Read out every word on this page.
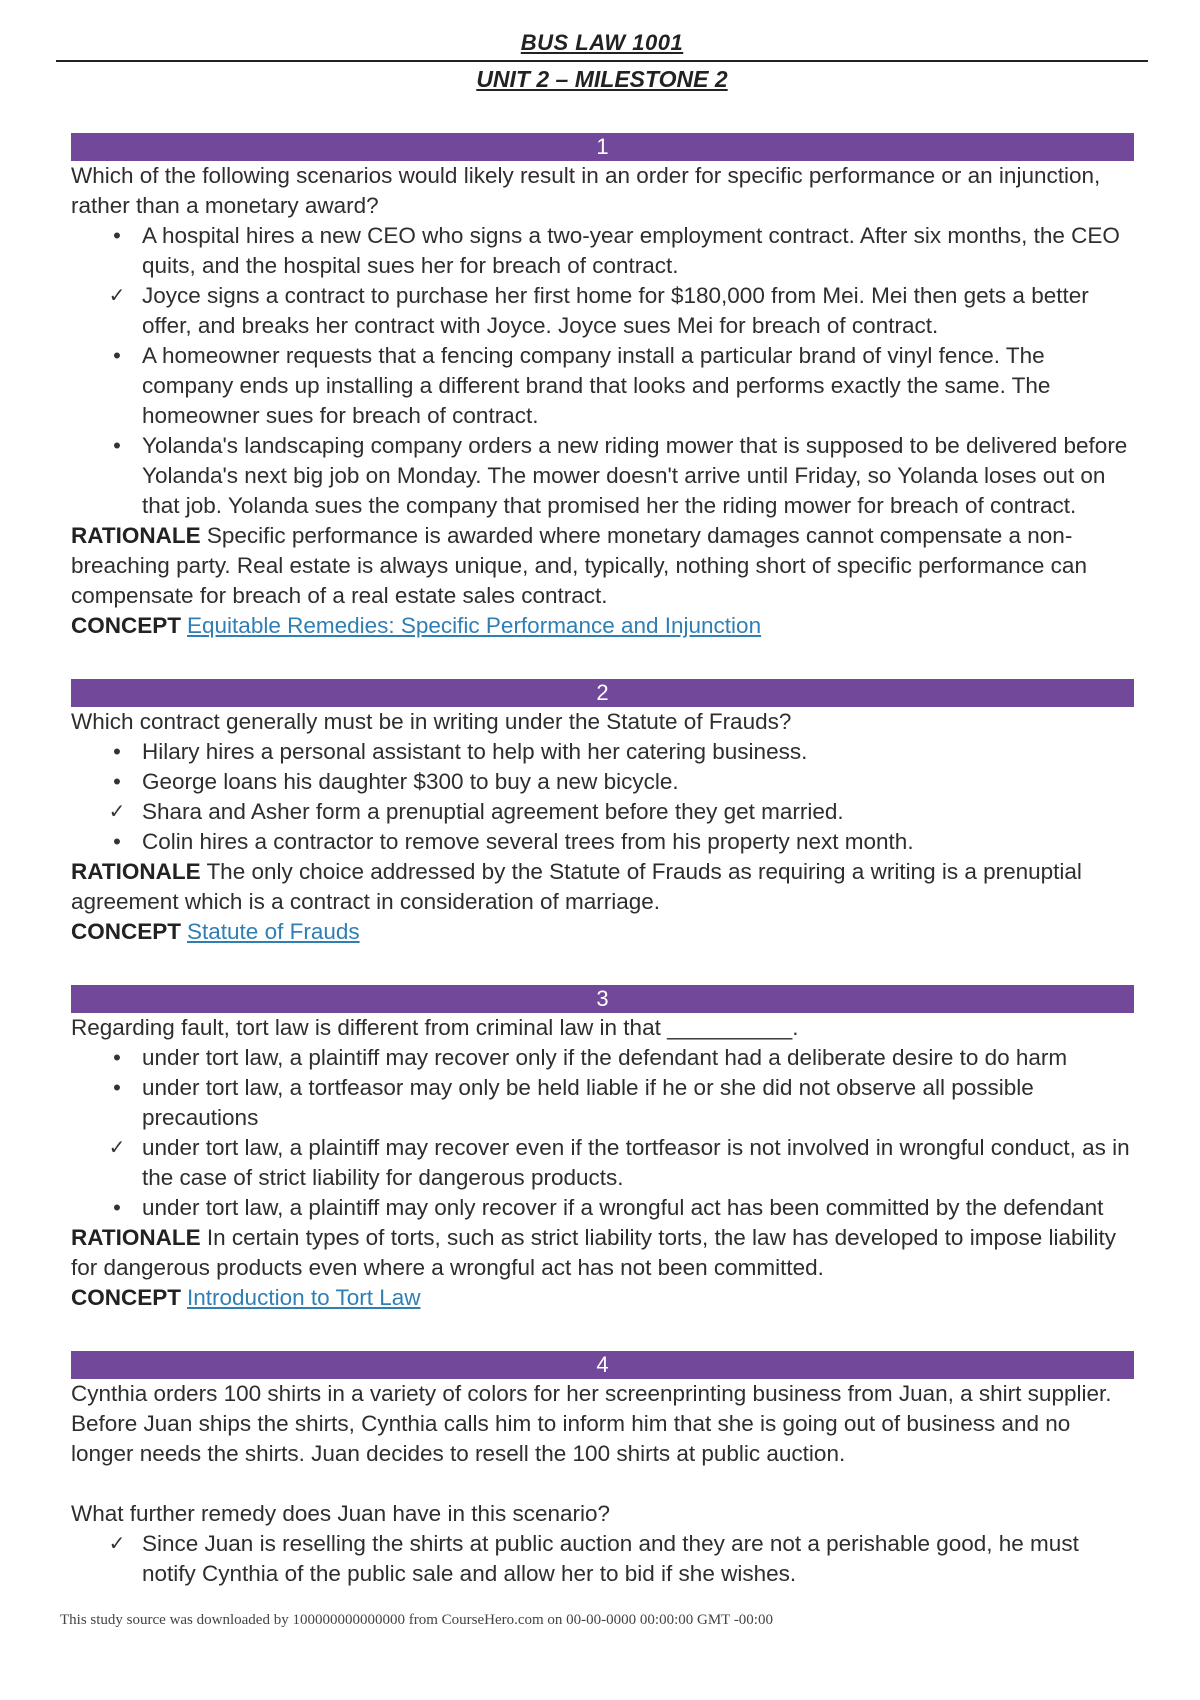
BUS LAW 1001
UNIT 2 – MILESTONE 2
1
Which of the following scenarios would likely result in an order for specific performance or an injunction, rather than a monetary award?
• A hospital hires a new CEO who signs a two-year employment contract. After six months, the CEO quits, and the hospital sues her for breach of contract.
✓ Joyce signs a contract to purchase her first home for $180,000 from Mei. Mei then gets a better offer, and breaks her contract with Joyce. Joyce sues Mei for breach of contract.
• A homeowner requests that a fencing company install a particular brand of vinyl fence. The company ends up installing a different brand that looks and performs exactly the same. The homeowner sues for breach of contract.
• Yolanda's landscaping company orders a new riding mower that is supposed to be delivered before Yolanda's next big job on Monday. The mower doesn't arrive until Friday, so Yolanda loses out on that job. Yolanda sues the company that promised her the riding mower for breach of contract.
RATIONALE Specific performance is awarded where monetary damages cannot compensate a non-breaching party. Real estate is always unique, and, typically, nothing short of specific performance can compensate for breach of a real estate sales contract.
CONCEPT Equitable Remedies: Specific Performance and Injunction
2
Which contract generally must be in writing under the Statute of Frauds?
• Hilary hires a personal assistant to help with her catering business.
• George loans his daughter $300 to buy a new bicycle.
✓ Shara and Asher form a prenuptial agreement before they get married.
• Colin hires a contractor to remove several trees from his property next month.
RATIONALE The only choice addressed by the Statute of Frauds as requiring a writing is a prenuptial agreement which is a contract in consideration of marriage.
CONCEPT Statute of Frauds
3
Regarding fault, tort law is different from criminal law in that __________.
• under tort law, a plaintiff may recover only if the defendant had a deliberate desire to do harm
• under tort law, a tortfeasor may only be held liable if he or she did not observe all possible precautions
✓ under tort law, a plaintiff may recover even if the tortfeasor is not involved in wrongful conduct, as in the case of strict liability for dangerous products.
• under tort law, a plaintiff may only recover if a wrongful act has been committed by the defendant
RATIONALE In certain types of torts, such as strict liability torts, the law has developed to impose liability for dangerous products even where a wrongful act has not been committed.
CONCEPT Introduction to Tort Law
4
Cynthia orders 100 shirts in a variety of colors for her screenprinting business from Juan, a shirt supplier. Before Juan ships the shirts, Cynthia calls him to inform him that she is going out of business and no longer needs the shirts. Juan decides to resell the 100 shirts at public auction.
What further remedy does Juan have in this scenario?
✓ Since Juan is reselling the shirts at public auction and they are not a perishable good, he must notify Cynthia of the public sale and allow her to bid if she wishes.
This study source was downloaded by 100000000000000 from CourseHero.com on 00-00-0000 00:00:00 GMT -00:00
